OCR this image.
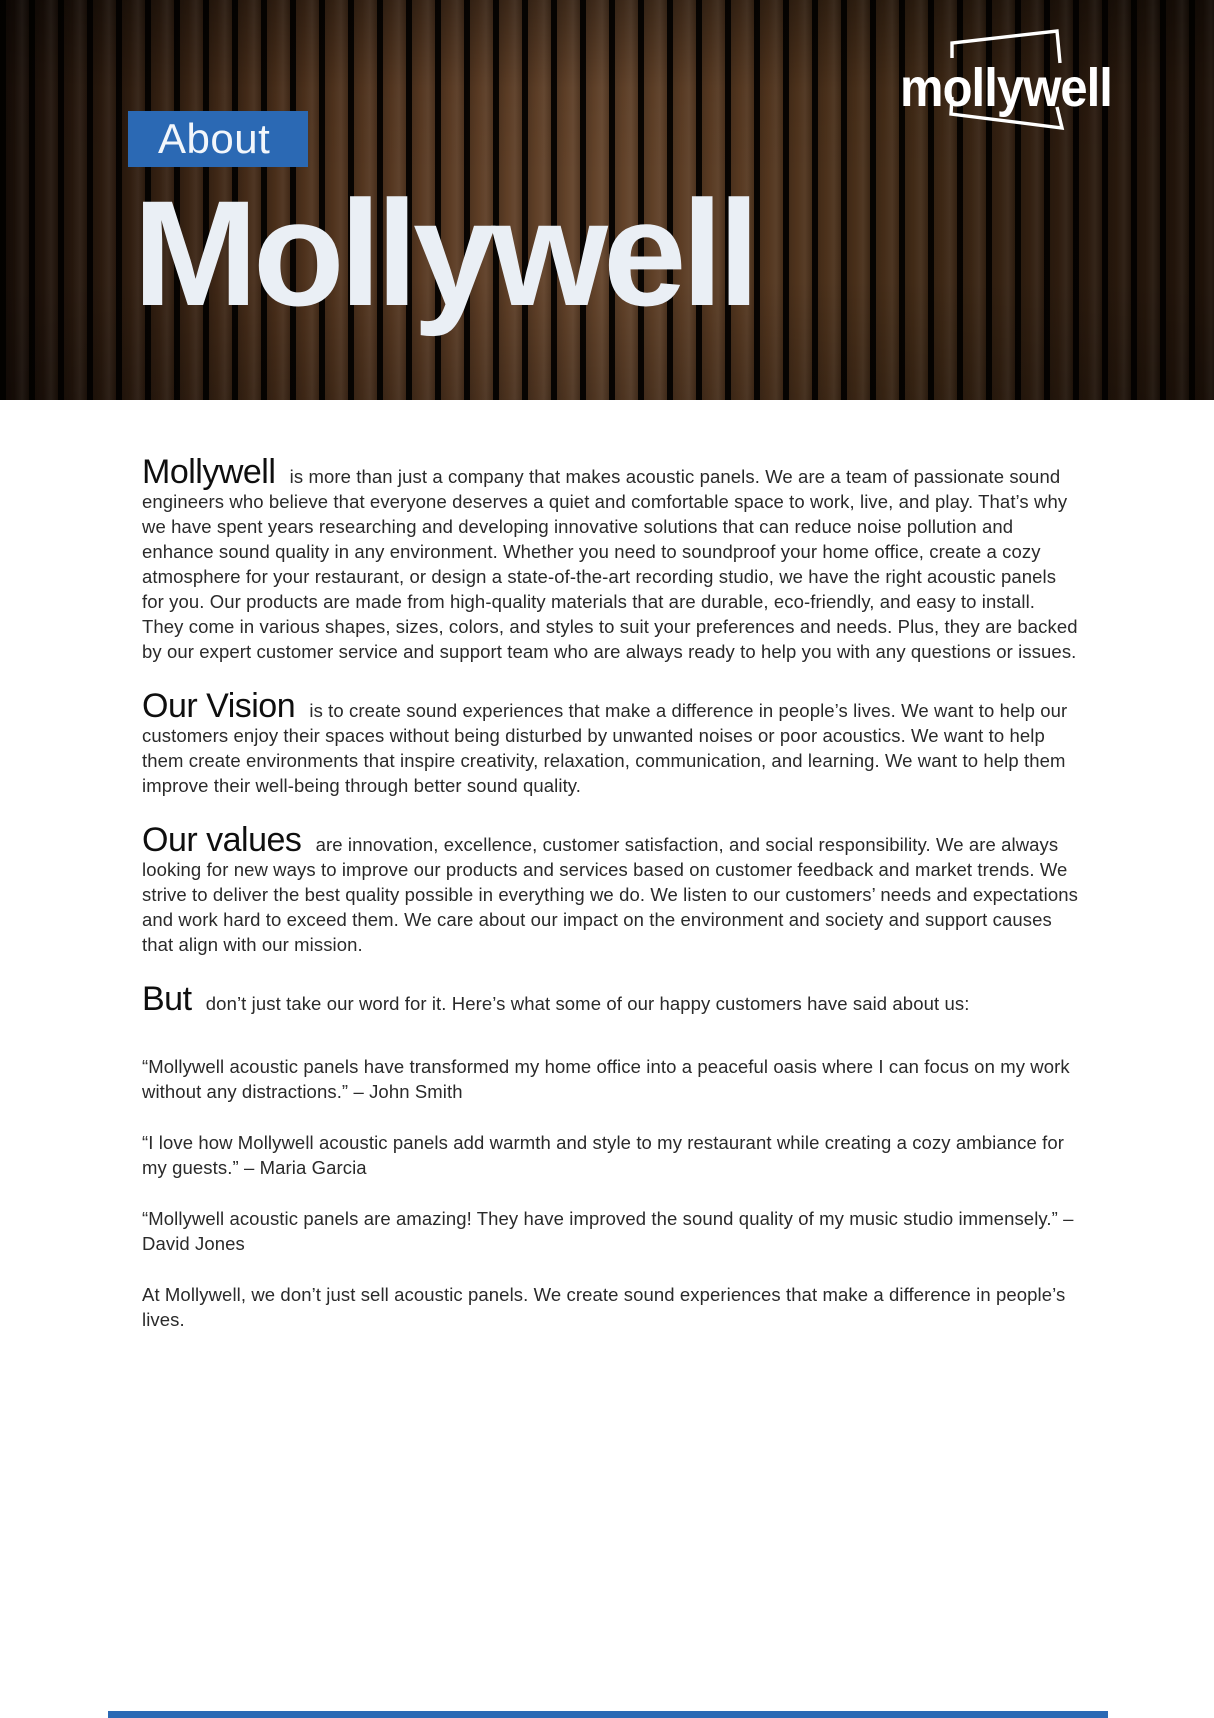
mollywell
About
Mollywell

Mollywell is more than just a company that makes acoustic panels. We are a team of passionate sound engineers who believe that everyone deserves a quiet and comfortable space to work, live, and play. That’s why we have spent years researching and developing innovative solutions that can reduce noise pollution and enhance sound quality in any environment. Whether you need to soundproof your home office, create a cozy atmosphere for your restaurant, or design a state-of-the-art recording studio, we have the right acoustic panels for you. Our products are made from high-quality materials that are durable, eco-friendly, and easy to install. They come in various shapes, sizes, colors, and styles to suit your preferences and needs. Plus, they are backed by our expert customer service and support team who are always ready to help you with any questions or issues.

Our Vision is to create sound experiences that make a difference in people’s lives. We want to help our customers enjoy their spaces without being disturbed by unwanted noises or poor acoustics. We want to help them create environments that inspire creativity, relaxation, communication, and learning. We want to help them improve their well-being through better sound quality.

Our values are innovation, excellence, customer satisfaction, and social responsibility. We are always looking for new ways to improve our products and services based on customer feedback and market trends. We strive to deliver the best quality possible in everything we do. We listen to our customers’ needs and expectations and work hard to exceed them. We care about our impact on the environment and society and support causes that align with our mission.

But don’t just take our word for it. Here’s what some of our happy customers have said about us:

“Mollywell acoustic panels have transformed my home office into a peaceful oasis where I can focus on my work without any distractions.” – John Smith

“I love how Mollywell acoustic panels add warmth and style to my restaurant while creating a cozy ambiance for my guests.” – Maria Garcia

“Mollywell acoustic panels are amazing! They have improved the sound quality of my music studio immensely.” – David Jones

At Mollywell, we don’t just sell acoustic panels. We create sound experiences that make a difference in people’s lives.
